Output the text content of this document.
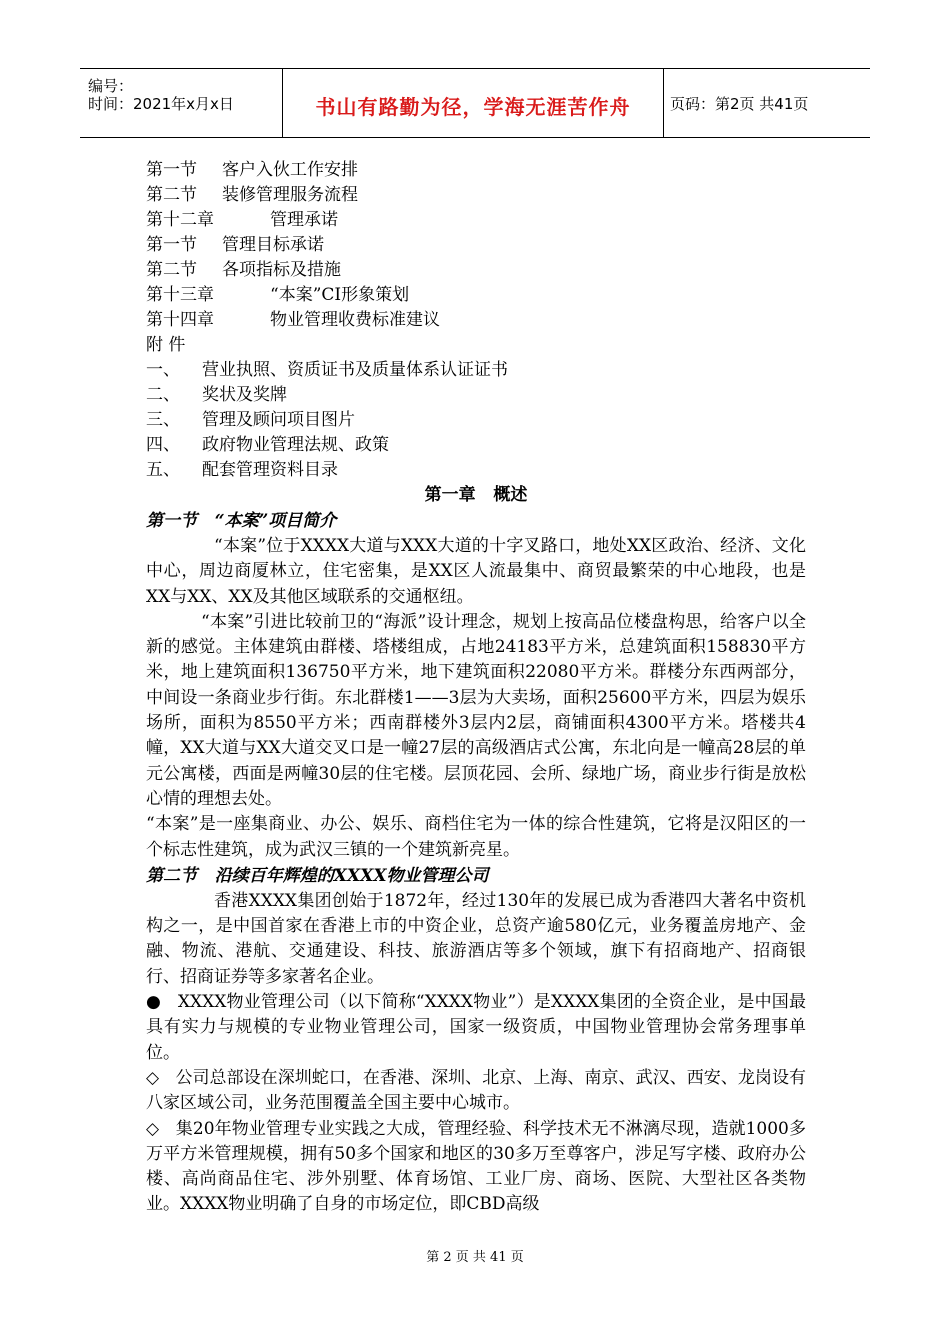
编号：
时间：2021年x月x日	书山有路勤为径，学海无涯苦作舟	页码：第2页 共41页
第一节 客户入伙工作安排
第二节 装修管理服务流程
第十二章	管理承诺
第一节 管理目标承诺
第二节 各项指标及措施
第十三章	“本案”CI形象策划
第十四章	物业管理收费标准建议
附 件
一、 营业执照、资质证书及质量体系认证证书
二、 奖状及奖牌
三、 管理及顾问项目图片
四、 政府物业管理法规、政策
五、 配套管理资料目录
第一章   概述
第一节   “本案”项目简介

“本案”位于XXXX大道与XXX大道的十字叉路口，地处XX区政治、经济、文化中心，周边商厦林立，住宅密集，是XX区人流最集中、商贸最繁荣的中心地段，也是XX与XX、XX及其他区域联系的交通枢纽。

“本案”引进比较前卫的“海派”设计理念，规划上按高品位楼盘构思，给客户以全新的感觉。主体建筑由群楼、塔楼组成，占地24183平方米，总建筑面积158830平方米，地上建筑面积136750平方米，地下建筑面积22080平方米。群楼分东西两部分，中间设一条商业步行街。东北群楼1——3层为大卖场，面积25600平方米，四层为娱乐场所，面积为8550平方米；西南群楼外3层内2层，商铺面积4300平方米。塔楼共4幢，XX大道与XX大道交叉口是一幢27层的高级酒店式公寓，东北向是一幢高28层的单元公寓楼，西面是两幢30层的住宅楼。层顶花园、会所、绿地广场，商业步行街是放松心情的理想去处。

“本案”是一座集商业、办公、娱乐、商档住宅为一体的综合性建筑，它将是汉阳区的一个标志性建筑，成为武汉三镇的一个建筑新亮星。

第二节   沿续百年辉煌的XXXX物业管理公司

香港XXXX集团创始于1872年，经过130年的发展已成为香港四大著名中资机构之一，是中国首家在香港上市的中资企业，总资产逾580亿元，业务覆盖房地产、金融、物流、港航、交通建设、科技、旅游酒店等多个领域，旗下有招商地产、招商银行、招商证券等多家著名企业。

●   XXXX物业管理公司（以下简称“XXXX物业”）是XXXX集团的全资企业，是中国最具有实力与规模的专业物业管理公司，国家一级资质，中国物业管理协会常务理事单位。

◇   公司总部设在深圳蛇口，在香港、深圳、北京、上海、南京、武汉、西安、龙岗设有八家区域公司，业务范围覆盖全国主要中心城市。

◇   集20年物业管理专业实践之大成，管理经验、科学技术无不淋漓尽现，造就1000多万平方米管理规模，拥有50多个国家和地区的30多万至尊客户，涉足写字楼、政府办公楼、高尚商品住宅、涉外别墅、体育场馆、工业厂房、商场、医院、大型社区各类物业。XXXX物业明确了自身的市场定位，即CBD高级

第 2 页 共 41 页
